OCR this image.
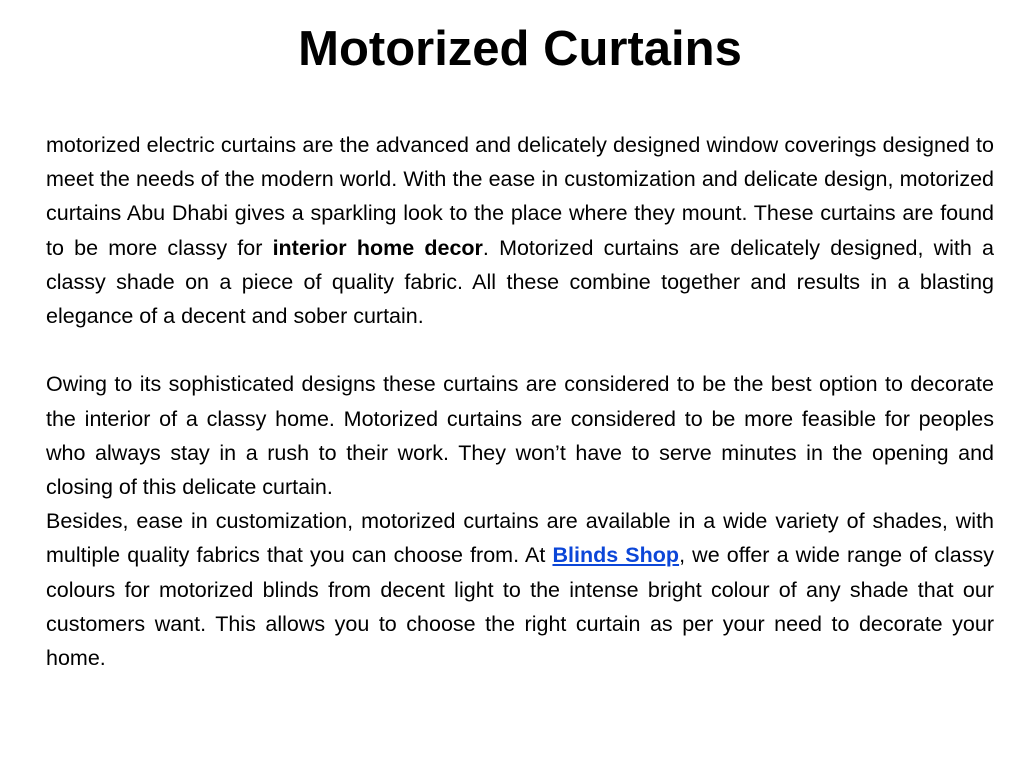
Motorized Curtains

motorized electric curtains are the advanced and delicately designed window coverings designed to meet the needs of the modern world. With the ease in customization and delicate design, motorized curtains Abu Dhabi gives a sparkling look to the place where they mount. These curtains are found to be more classy for interior home decor. Motorized curtains are delicately designed, with a classy shade on a piece of quality fabric. All these combine together and results in a blasting elegance of a decent and sober curtain.

Owing to its sophisticated designs these curtains are considered to be the best option to decorate the interior of a classy home. Motorized curtains are considered to be more feasible for peoples who always stay in a rush to their work. They won’t have to serve minutes in the opening and closing of this delicate curtain.

Besides, ease in customization, motorized curtains are available in a wide variety of shades, with multiple quality fabrics that you can choose from. At Blinds Shop, we offer a wide range of classy colours for motorized blinds from decent light to the intense bright colour of any shade that our customers want. This allows you to choose the right curtain as per your need to decorate your home.
